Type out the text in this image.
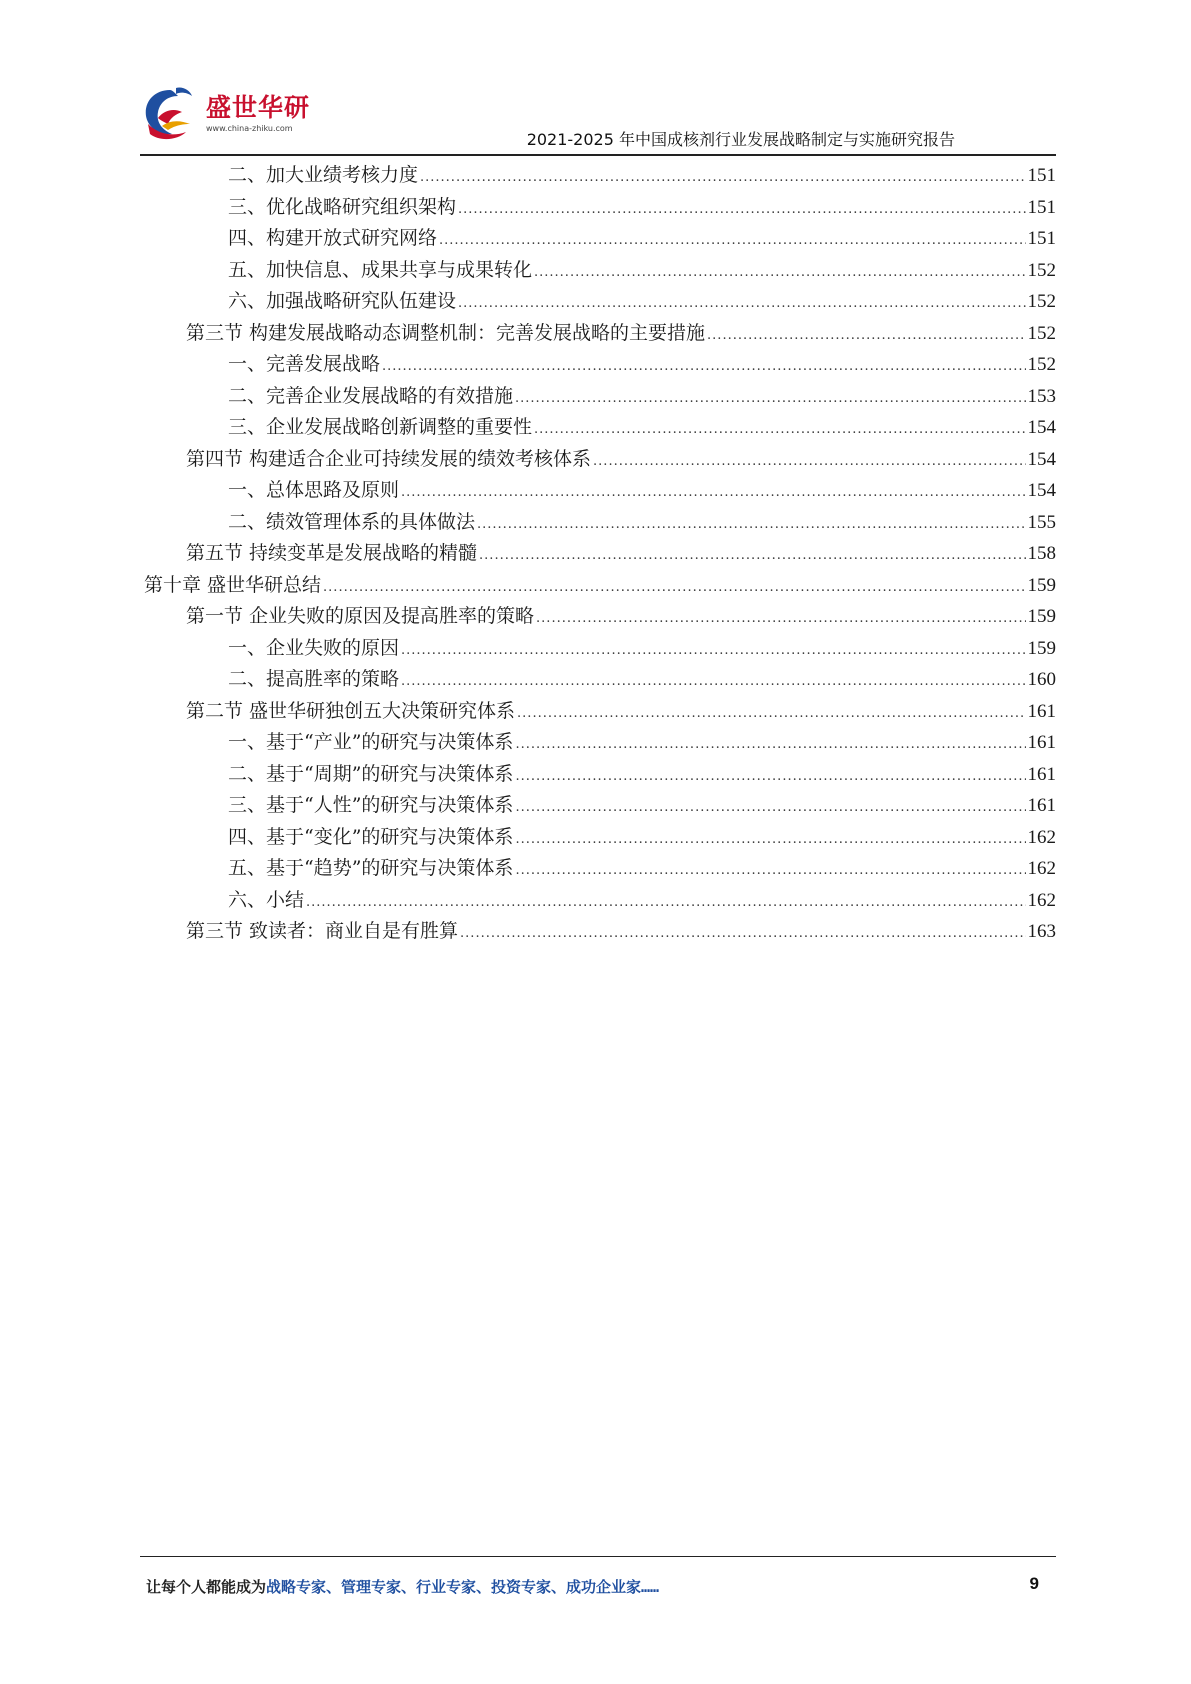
盛世华研
www.china-zhiku.com
2021-2025 年中国成核剂行业发展战略制定与实施研究报告
二、加大业绩考核力度 .....	151
三、优化战略研究组织架构 .....	151
四、构建开放式研究网络 .....	151
五、加快信息、成果共享与成果转化 .....	152
六、加强战略研究队伍建设 .....	152
第三节 构建发展战略动态调整机制：完善发展战略的主要措施 .....	152
一、完善发展战略 .....	152
二、完善企业发展战略的有效措施 .....	153
三、企业发展战略创新调整的重要性 .....	154
第四节 构建适合企业可持续发展的绩效考核体系 .....	154
一、总体思路及原则 .....	154
二、绩效管理体系的具体做法 .....	155
第五节 持续变革是发展战略的精髓 .....	158
第十章 盛世华研总结 .....	159
第一节 企业失败的原因及提高胜率的策略 .....	159
一、企业失败的原因 .....	159
二、提高胜率的策略 .....	160
第二节 盛世华研独创五大决策研究体系 .....	161
一、基于“产业”的研究与决策体系 .....	161
二、基于“周期”的研究与决策体系 .....	161
三、基于“人性”的研究与决策体系 .....	161
四、基于“变化”的研究与决策体系 .....	162
五、基于“趋势”的研究与决策体系 .....	162
六、小结 .....	162
第三节 致读者：商业自是有胜算 .....	163
让每个人都能成为战略专家、管理专家、行业专家、投资专家、成功企业家……	9
